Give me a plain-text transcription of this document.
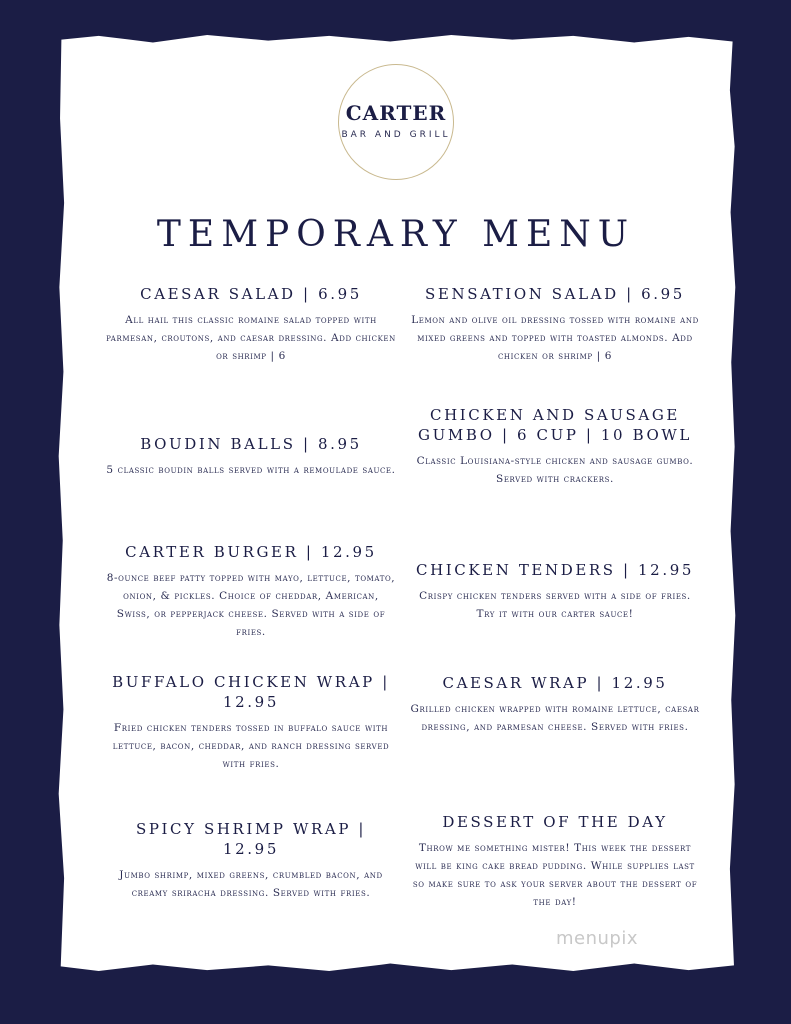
CARTER
BAR AND GRILL
TEMPORARY MENU
CAESAR SALAD | 6.95
All hail this classic romaine salad topped with parmesan, croutons, and caesar dressing. Add chicken or shrimp | 6
SENSATION SALAD | 6.95
Lemon and olive oil dressing tossed with romaine and mixed greens and topped with toasted almonds. Add chicken or shrimp | 6
BOUDIN BALLS | 8.95
5 classic boudin balls served with a remoulade sauce.
CHICKEN AND SAUSAGE GUMBO | 6 CUP | 10 BOWL
Classic Louisiana-style chicken and sausage gumbo. Served with crackers.
CARTER BURGER | 12.95
8-ounce beef patty topped with mayo, lettuce, tomato, onion, & pickles. Choice of cheddar, American, Swiss, or pepperjack cheese. Served with a side of fries.
CHICKEN TENDERS | 12.95
Crispy chicken tenders served with a side of fries. Try it with our carter sauce!
BUFFALO CHICKEN WRAP | 12.95
Fried chicken tenders tossed in buffalo sauce with lettuce, bacon, cheddar, and ranch dressing served with fries.
CAESAR WRAP | 12.95
Grilled chicken wrapped with romaine lettuce, caesar dressing, and parmesan cheese. Served with fries.
SPICY SHRIMP WRAP | 12.95
Jumbo shrimp, mixed greens, crumbled bacon, and creamy sriracha dressing. Served with fries.
DESSERT OF THE DAY
Throw me something mister! This week the dessert will be king cake bread pudding. While supplies last so make sure to ask your server about the dessert of the day!
menupix
